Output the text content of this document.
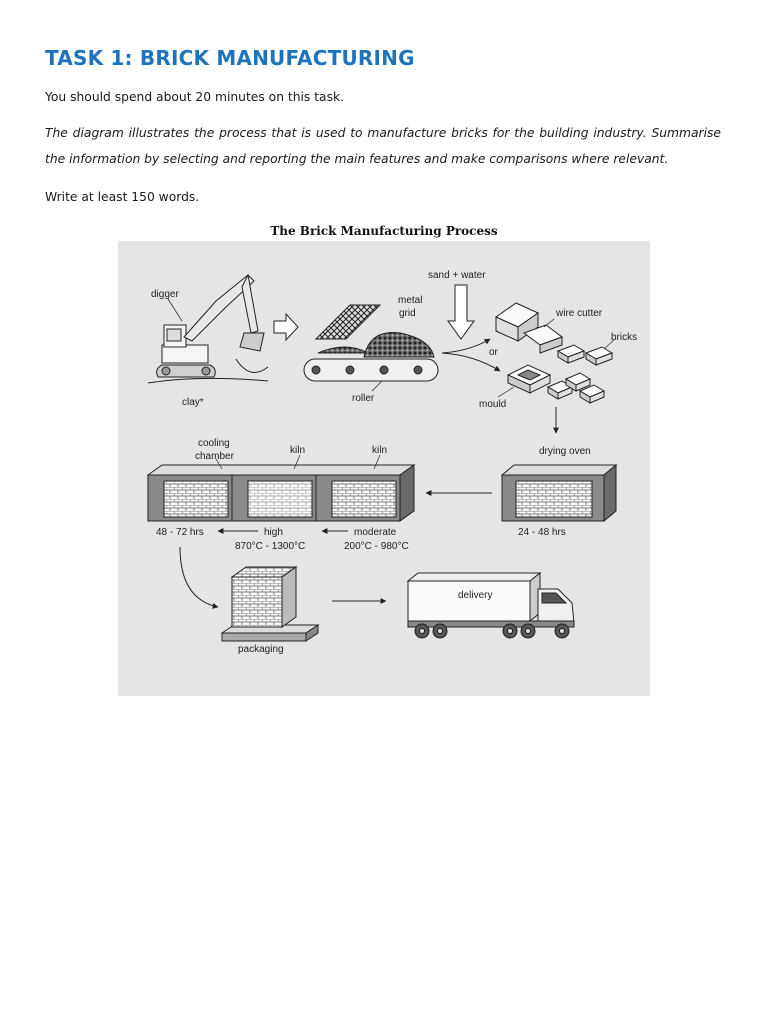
TASK 1: BRICK MANUFACTURING
You should spend about 20 minutes on this task.
The diagram illustrates the process that is used to manufacture bricks for the building industry. Summarise the information by selecting and reporting the main features and make comparisons where relevant.
Write at least 150 words.
The Brick Manufacturing Process
digger
clay*
metal
grid
roller
sand + water
or
wire cutter
bricks
mould
drying oven
24 - 48 hrs
cooling
chamber
kiln	kiln
48 - 72 hrs	high
870°C - 1300°C
moderate
200°C - 980°C
packaging
delivery
